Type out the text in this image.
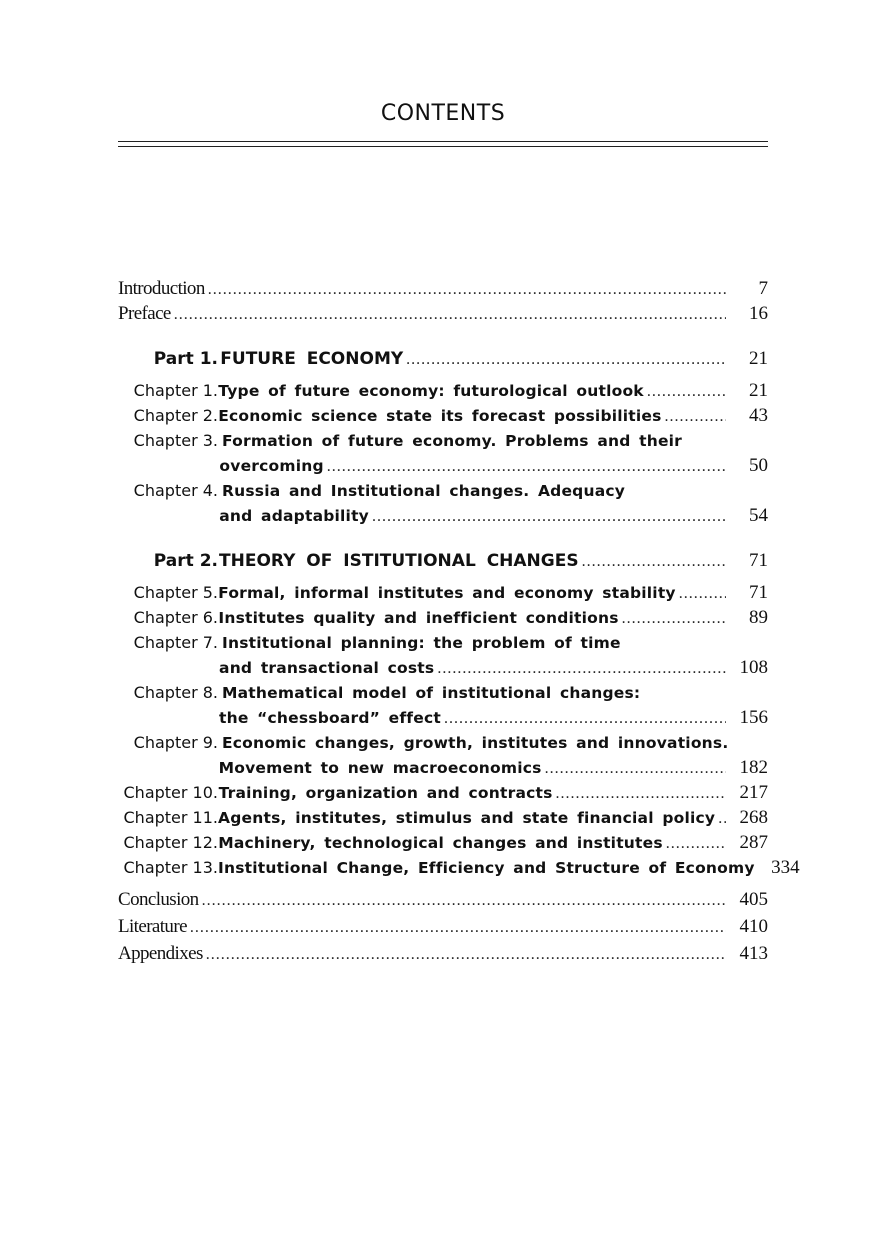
CONTENTS
Introduction .....	7
Preface .....	16
Part 1. FUTURE ECONOMY .....	21
Chapter 1. Type of future economy: futurological outlook .....	21
Chapter 2. Economic science state its forecast possibilities .....	43
Chapter 3. Formation of future economy. Problems and their
overcoming .....	50
Chapter 4. Russia and Institutional changes. Adequacy
and adaptability .....	54
Part 2. THEORY OF ISTITUTIONAL CHANGES .....	71
Chapter 5. Formal, informal institutes and economy stability .....	71
Chapter 6. Institutes quality and inefficient conditions .....	89
Chapter 7. Institutional planning: the problem of time
and transactional costs .....	108
Chapter 8. Mathematical model of institutional changes:
the “chessboard” effect .....	156
Chapter 9. Economic changes, growth, institutes and innovations.
Movement to new macroeconomics .....	182
Chapter 10. Training, organization and contracts .....	217
Chapter 11. Agents, institutes, stimulus and state financial policy .....	268
Chapter 12. Machinery, technological changes and institutes .....	287
Chapter 13. Institutional Change, Efficiency and Structure of Economy 334
Conclusion .....	405
Literature .....	410
Appendixes .....	413
